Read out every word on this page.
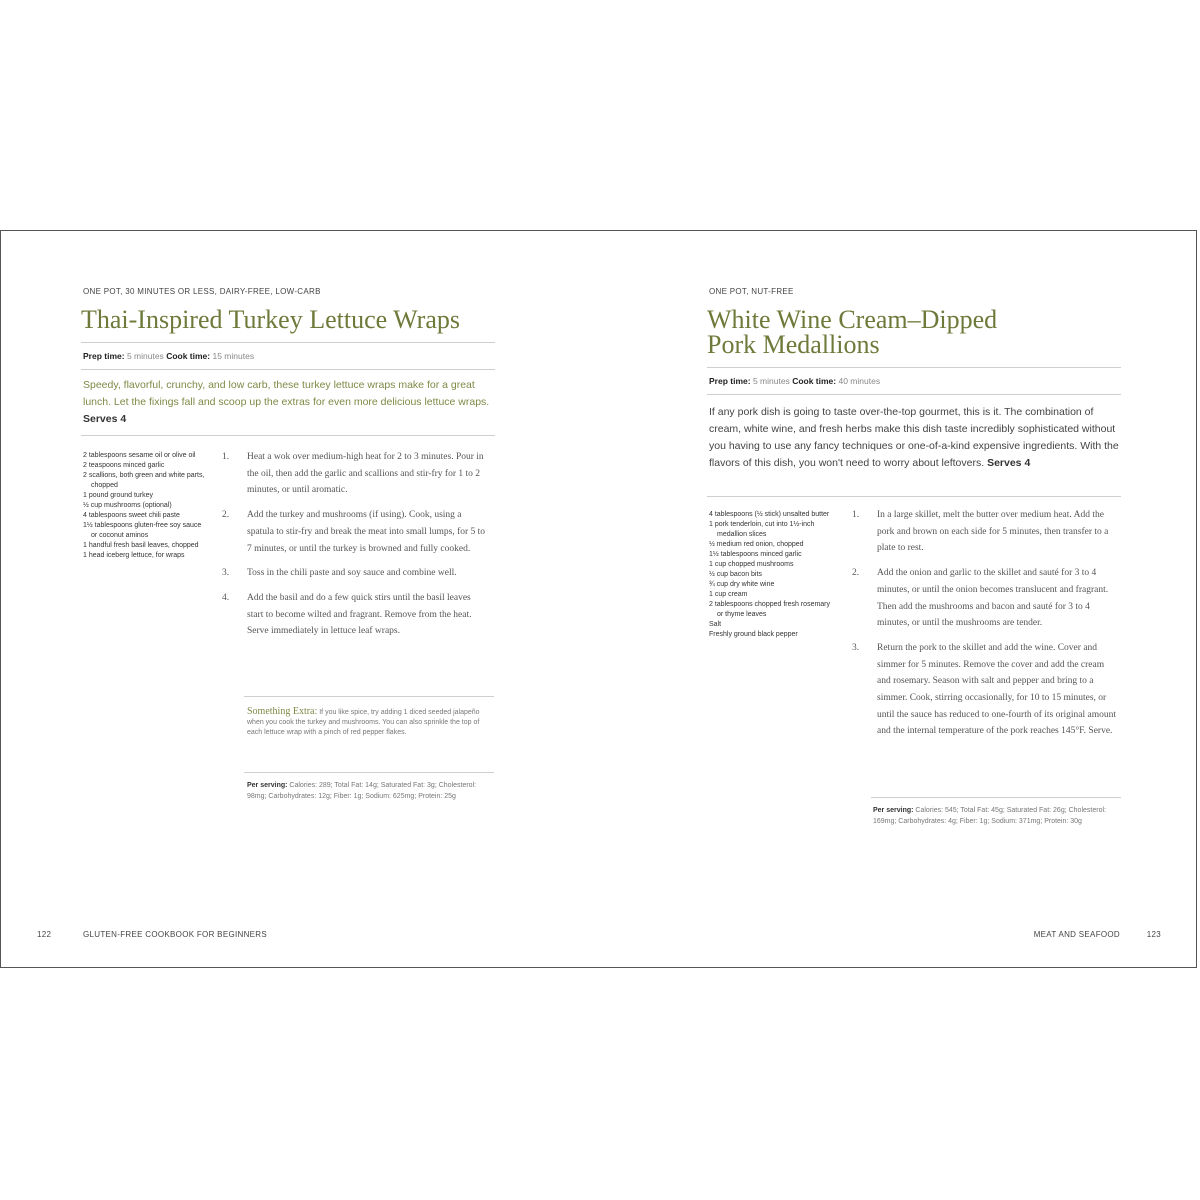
ONE POT, 30 MINUTES OR LESS, DAIRY-FREE, LOW-CARB
Thai-Inspired Turkey Lettuce Wraps
Prep time: 5 minutes Cook time: 15 minutes

Speedy, flavorful, crunchy, and low carb, these turkey lettuce wraps make for a great lunch. Let the fixings fall and scoop up the extras for even more delicious lettuce wraps. Serves 4

2 tablespoons sesame oil or olive oil
2 teaspoons minced garlic
2 scallions, both green and white parts, chopped
1 pound ground turkey
½ cup mushrooms (optional)
4 tablespoons sweet chili paste
1½ tablespoons gluten-free soy sauce or coconut aminos
1 handful fresh basil leaves, chopped
1 head iceberg lettuce, for wraps
1. Heat a wok over medium-high heat for 2 to 3 minutes. Pour in the oil, then add the garlic and scallions and stir-fry for 1 to 2 minutes, or until aromatic.
2. Add the turkey and mushrooms (if using). Cook, using a spatula to stir-fry and break the meat into small lumps, for 5 to 7 minutes, or until the turkey is browned and fully cooked.
3. Toss in the chili paste and soy sauce and combine well.
4. Add the basil and do a few quick stirs until the basil leaves start to become wilted and fragrant. Remove from the heat. Serve immediately in lettuce leaf wraps.

Something Extra: If you like spice, try adding 1 diced seeded jalapeño when you cook the turkey and mushrooms. You can also sprinkle the top of each lettuce wrap with a pinch of red pepper flakes.

Per serving: Calories: 289; Total Fat: 14g; Saturated Fat: 3g; Cholesterol: 98mg; Carbohydrates: 12g; Fiber: 1g; Sodium: 625mg; Protein: 25g

122	GLUTEN-FREE COOKBOOK FOR BEGINNERS
ONE POT, NUT-FREE
White Wine Cream–Dipped
Pork Medallions
Prep time: 5 minutes Cook time: 40 minutes

If any pork dish is going to taste over-the-top gourmet, this is it. The combination of cream, white wine, and fresh herbs make this dish taste incredibly sophisticated without you having to use any fancy techniques or one-of-a-kind expensive ingredients. With the flavors of this dish, you won't need to worry about leftovers. Serves 4

4 tablespoons (½ stick) unsalted butter
1 pork tenderloin, cut into 1½-inch medallion slices
½ medium red onion, chopped
1½ tablespoons minced garlic
1 cup chopped mushrooms
½ cup bacon bits
¾ cup dry white wine
1 cup cream
2 tablespoons chopped fresh rosemary or thyme leaves
Salt
Freshly ground black pepper
1. In a large skillet, melt the butter over medium heat. Add the pork and brown on each side for 5 minutes, then transfer to a plate to rest.
2. Add the onion and garlic to the skillet and sauté for 3 to 4 minutes, or until the onion becomes translucent and fragrant. Then add the mushrooms and bacon and sauté for 3 to 4 minutes, or until the mushrooms are tender.
3. Return the pork to the skillet and add the wine. Cover and simmer for 5 minutes. Remove the cover and add the cream and rosemary. Season with salt and pepper and bring to a simmer. Cook, stirring occasionally, for 10 to 15 minutes, or until the sauce has reduced to one-fourth of its original amount and the internal temperature of the pork reaches 145°F. Serve.

Per serving: Calories: 545; Total Fat: 45g; Saturated Fat: 26g; Cholesterol: 169mg; Carbohydrates: 4g; Fiber: 1g; Sodium: 371mg; Protein: 30g

MEAT AND SEAFOOD	123
